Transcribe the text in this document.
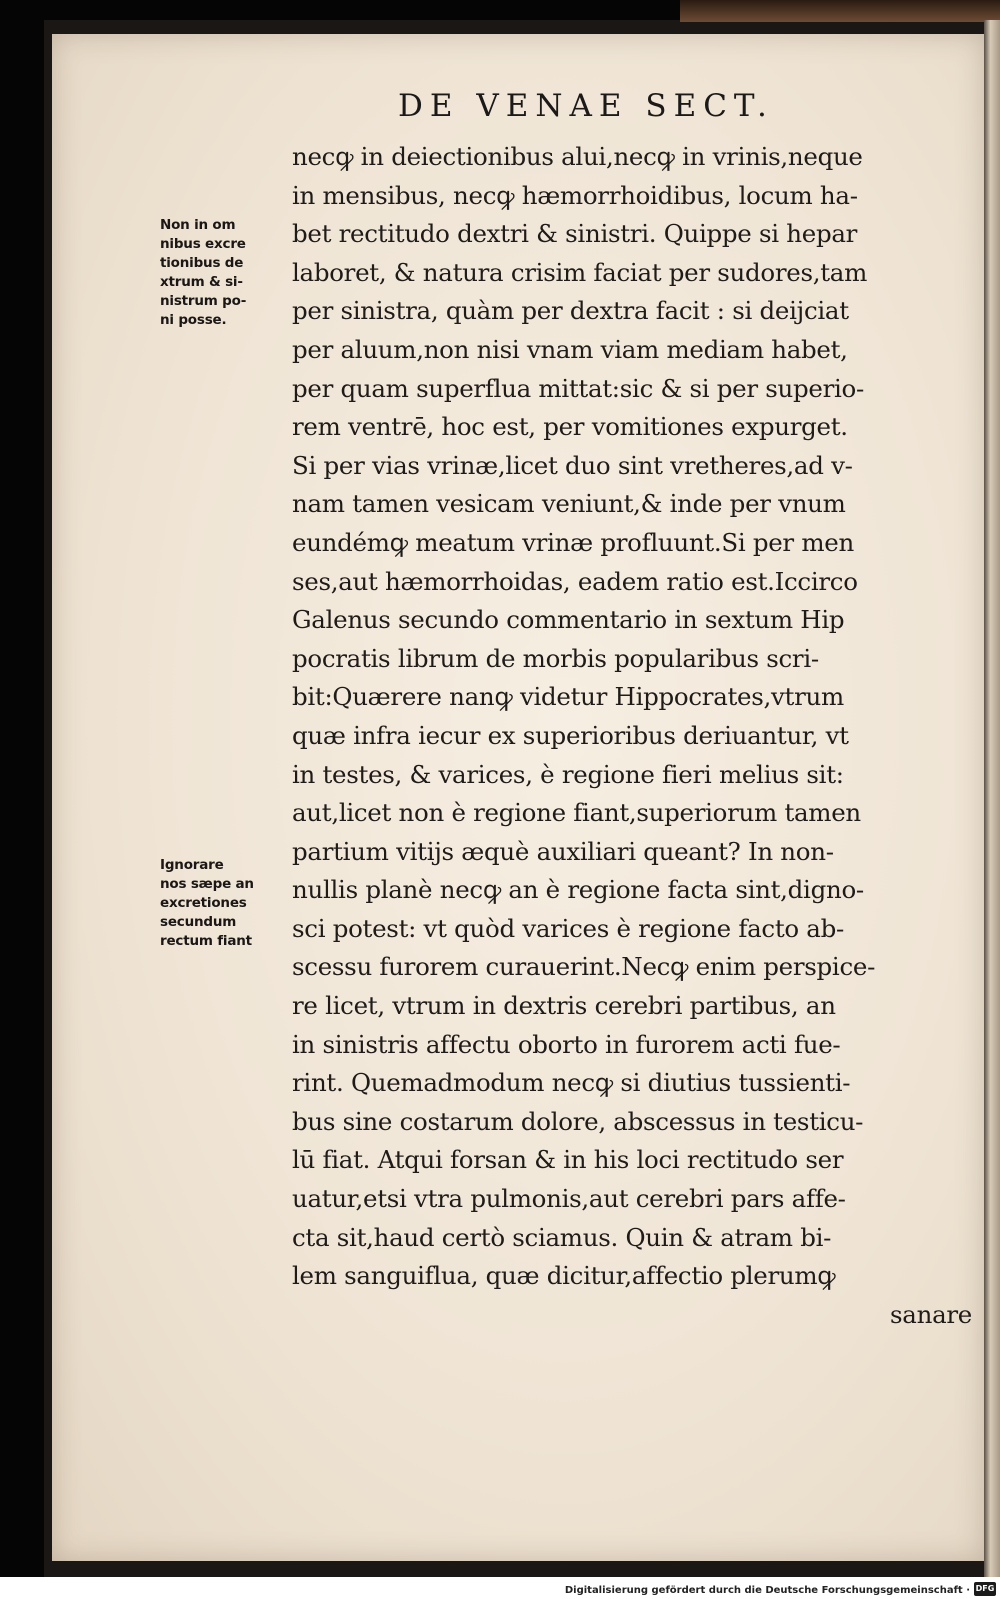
DE VENAE SECT.
Non in om
nibus excre
tionibus de
xtrum & si-
nistrum po-
ni posse.
Ignorare
nos sæpe an
excretiones
secundum
rectum fiant
necꝙ in deiectionibus alui,necꝙ in vrinis,neque
in mensibus, necꝙ hæmorrhoidibus, locum ha-
bet rectitudo dextri & sinistri. Quippe si hepar
laboret, & natura crisim faciat per sudores,tam
per sinistra, quàm per dextra facit : si deijciat
per aluum,non nisi vnam viam mediam habet,
per quam superflua mittat:sic & si per superio-
rem ventrē, hoc est, per vomitiones expurget.
Si per vias vrinæ,licet duo sint vretheres,ad v-
nam tamen vesicam veniunt,& inde per vnum
eundémꝙ meatum vrinæ profluunt.Si per men
ses,aut hæmorrhoidas, eadem ratio est.Iccirco
Galenus secundo commentario in sextum Hip
pocratis librum de morbis popularibus scri-
bit:Quærere nanꝙ videtur Hippocrates,vtrum
quæ infra iecur ex superioribus deriuantur, vt
in testes, & varices, è regione fieri melius sit:
aut,licet non è regione fiant,superiorum tamen
partium vitijs æquè auxiliari queant? In non-
nullis planè necꝙ an è regione facta sint,digno-
sci potest: vt quòd varices è regione facto ab-
scessu furorem curauerint.Necꝙ enim perspice-
re licet, vtrum in dextris cerebri partibus, an
in sinistris affectu oborto in furorem acti fue-
rint. Quemadmodum necꝙ si diutius tussienti-
bus sine costarum dolore, abscessus in testicu-
lū fiat. Atqui forsan & in his loci rectitudo ser
uatur,etsi vtra pulmonis,aut cerebri pars affe-
cta sit,haud certò sciamus. Quin & atram bi-
lem sanguiflua, quæ dicitur,affectio plerumꝙ
sanare
Digitalisierung gefördert durch die Deutsche Forschungsgemeinschaft · DFG
